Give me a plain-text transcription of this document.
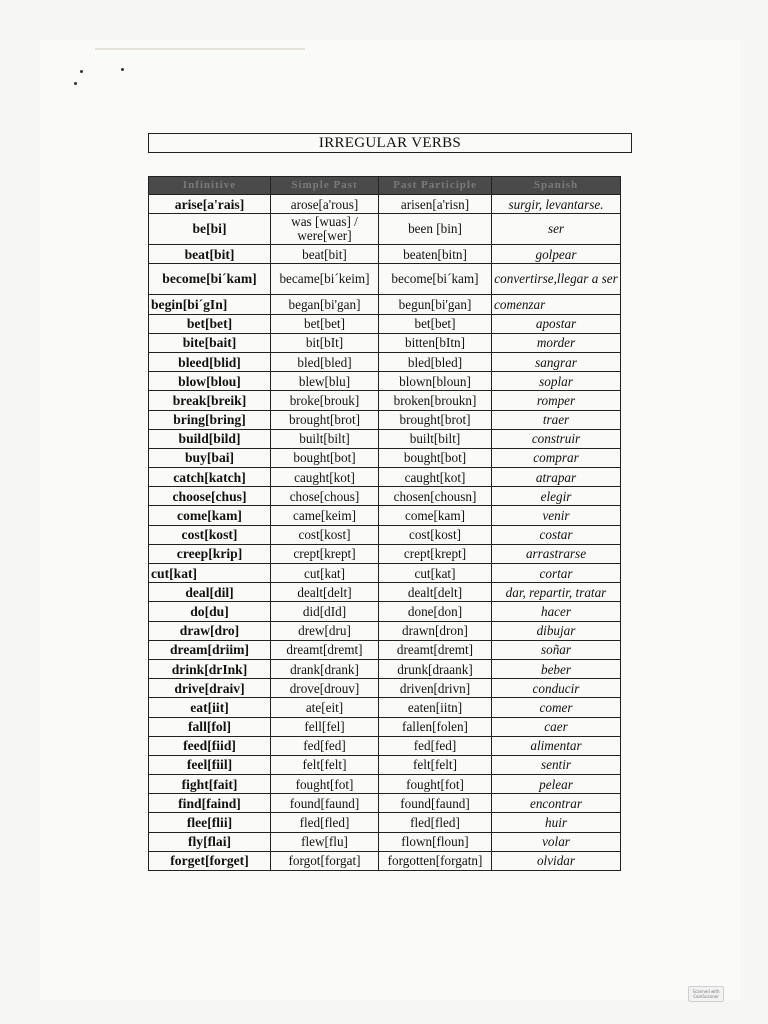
IRREGULAR VERBS
Infinitive	Simple Past	Past Participle	Spanish
arise[a'rais]	arose[a'rous]	arisen[a'risn]	surgir, levantarse.
be[bi]	was [wuas] / were[wer]	been [bin]	ser
beat[bit]	beat[bit]	beaten[bitn]	golpear
become[bi´kam]	became[bi´keim]	become[bi´kam]	convertirse,llegar a ser
begin[bi´gIn]	began[bi'gan]	begun[bi'gan]	comenzar
bet[bet]	bet[bet]	bet[bet]	apostar
bite[bait]	bit[bIt]	bitten[bItn]	morder
bleed[blid]	bled[bled]	bled[bled]	sangrar
blow[blou]	blew[blu]	blown[bloun]	soplar
break[breik]	broke[brouk]	broken[broukn]	romper
bring[bring]	brought[brot]	brought[brot]	traer
build[bild]	built[bilt]	built[bilt]	construir
buy[bai]	bought[bot]	bought[bot]	comprar
catch[katch]	caught[kot]	caught[kot]	atrapar
choose[chus]	chose[chous]	chosen[chousn]	elegir
come[kam]	came[keim]	come[kam]	venir
cost[kost]	cost[kost]	cost[kost]	costar
creep[krip]	crept[krept]	crept[krept]	arrastrarse
cut[kat]	cut[kat]	cut[kat]	cortar
deal[dil]	dealt[delt]	dealt[delt]	dar, repartir, tratar
do[du]	did[dId]	done[don]	hacer
draw[dro]	drew[dru]	drawn[dron]	dibujar
dream[driim]	dreamt[dremt]	dreamt[dremt]	soñar
drink[drInk]	drank[drank]	drunk[draank]	beber
drive[draiv]	drove[drouv]	driven[drivn]	conducir
eat[iit]	ate[eit]	eaten[iitn]	comer
fall[fol]	fell[fel]	fallen[folen]	caer
feed[fiid]	fed[fed]	fed[fed]	alimentar
feel[fiil]	felt[felt]	felt[felt]	sentir
fight[fait]	fought[fot]	fought[fot]	pelear
find[faind]	found[faund]	found[faund]	encontrar
flee[flii]	fled[fled]	fled[fled]	huir
fly[flai]	flew[flu]	flown[floun]	volar
forget[forget]	forgot[forgat]	forgotten[forgatn]	olvidar
Scanned with
CamScanner
